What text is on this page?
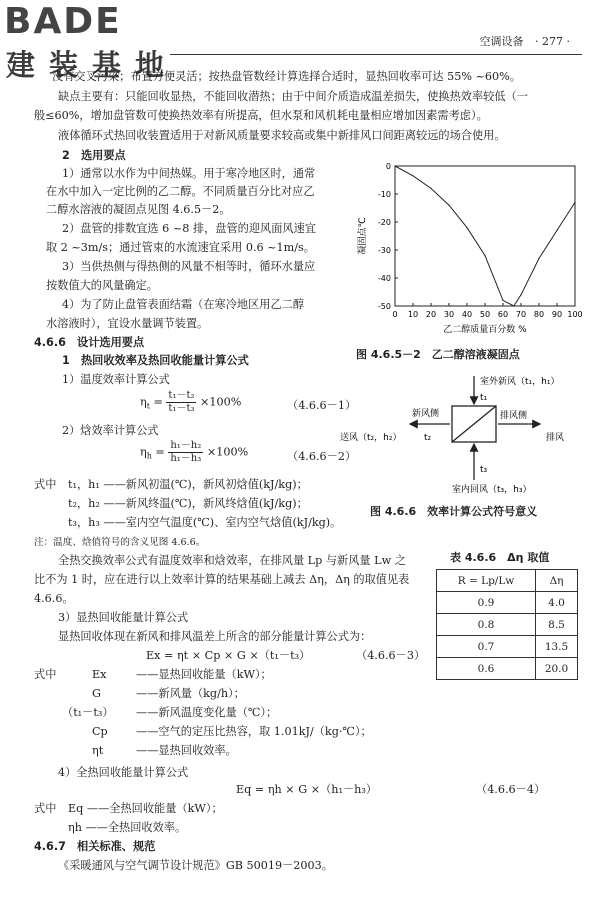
BADE
建装基地
空调设备 · 277 ·
没有交叉污染；布置方便灵活；按热盘管数经计算选择合适时，显热回收率可达 55% ~60%。
缺点主要有：只能回收显热，不能回收潜热；由于中间介质造成温差损失，使换热效率较低（一
般≤60%，增加盘管数可使换热效率有所提高，但水泵和风机耗电量相应增加因素需考虑）。
液体循环式热回收装置适用于对新风质量要求较高或集中新排风口间距离较远的场合使用。
2　选用要点
1）通常以水作为中间热媒。用于寒冷地区时，通常
在水中加入一定比例的乙二醇。不同质量百分比对应乙
二醇水溶液的凝固点见图 4.6.5－2。
2）盘管的排数宜选 6 ~8 排，盘管的迎风面风速宜
取 2 ~3m/s；通过管束的水流速宜采用 0.6 ~1m/s。
3）当供热侧与得热侧的风量不相等时，循环水量应
按数值大的风量确定。
4）为了防止盘管表面结霜（在寒冷地区用乙二醇
水溶液时），宜设水量调节装置。
4.6.6　设计选用要点
1　热回收效率及热回收能量计算公式
1）温度效率计算公式
$\eta_t = \frac{\text{t₁－t₂}}{\text{t₁－t₃}} \times 100\%$	（4.6.6－1）
2）焓效率计算公式
$\eta_h = \frac{\text{h₁－h₂}}{\text{h₁－h₃}} \times 100\%$	（4.6.6－2）
式中 t₁，h₁ ——新风初温(℃)，新风初焓值(kJ/kg)；
t₂，h₂ ——新风终温(℃)，新风终焓值(kJ/kg)；
t₃，h₃ ——室内空气温度(℃)、室内空气焓值(kJ/kg)。
注：温度、焓值符号的含义见图 4.6.6。
全热交换效率公式有温度效率和焓效率，在排风量 Lp 与新风量 Lw 之
比不为 1 时，应在进行以上效率计算的结果基础上减去 Δη，Δη 的取值见表
4.6.6。
3）显热回收能量计算公式
显热回收体现在新风和排风温差上所含的部分能量计算公式为：
Ex = ηt × Cp × G ×（t₁－t₃）	（4.6.6－3）
式中	Ex	——显热回收能量（kW）；
G	——新风量（kg/h）；
（t₁－t₃） ——新风温度变化量（℃）；
Cp	——空气的定压比热容，取 1.01kJ/（kg·℃）；
ηt	——显热回收效率。
4）全热回收能量计算公式
Eq = ηh × G ×（h₁－h₃）	（4.6.6－4）
式中 Eq ——全热回收能量（kW）；
ηh ——全热回收效率。
4.6.7　相关标准、规范
《采暖通风与空气调节设计规范》GB 50019－2003。
0 10 20 30 40 50 60 70 80 90 100
0
-10
-20
-30
-40
-50
乙二醇质量百分数 %
凝固点℃
图 4.6.5－2　乙二醇溶液凝固点
室外新风（t₁，h₁）
t₁
新风侧	排风侧
送风（t₂，h₂）	t₂	排风
t₃
室内回风（t₃，h₃）
图 4.6.6　效率计算公式符号意义
表 4.6.6　Δη 取值
R = Lp/Lw	Δη
0.9	4.0
0.8	8.5
0.7	13.5
0.6	20.0
